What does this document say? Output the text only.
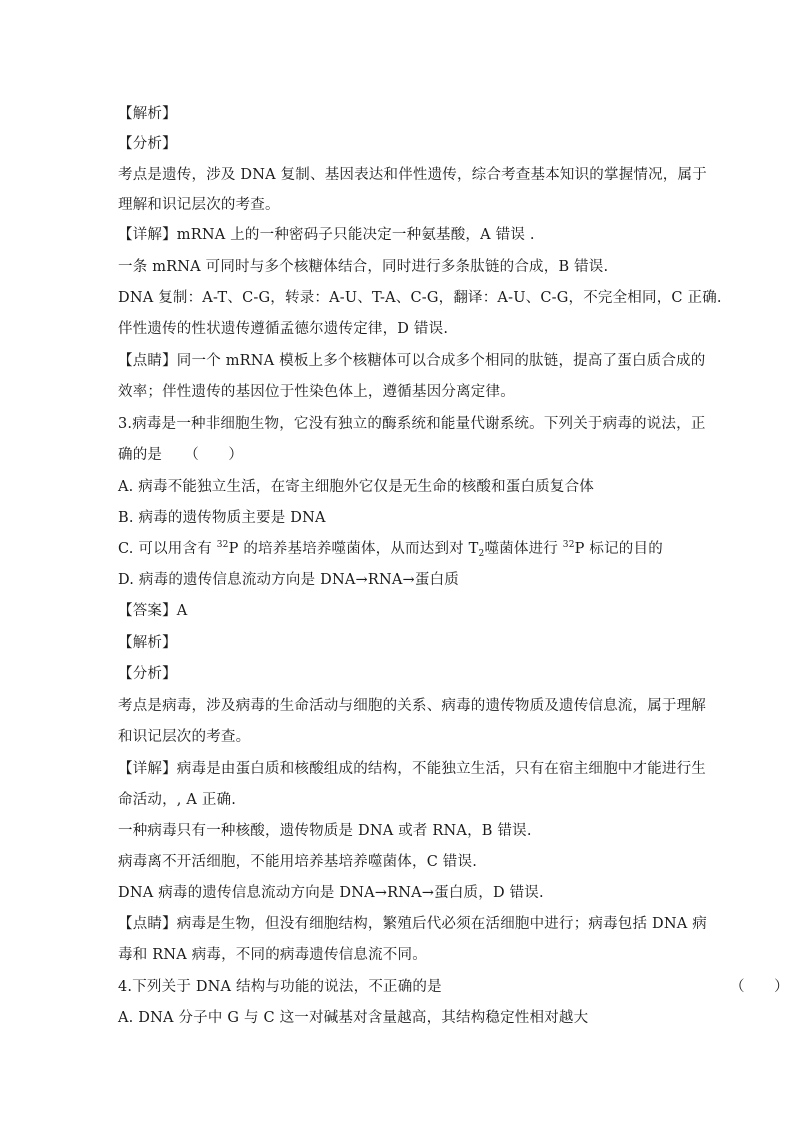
【解析】
【分析】
考点是遗传，涉及 DNA 复制、基因表达和伴性遗传，综合考查基本知识的掌握情况，属于
理解和识记层次的考查。
【详解】mRNA 上的一种密码子只能决定一种氨基酸，A 错误 .
一条 mRNA 可同时与多个核糖体结合，同时进行多条肽链的合成，B 错误.
DNA 复制：A-T、C-G，转录：A-U、T-A、C-G，翻译：A-U、C-G，不完全相同，C 正确.
伴性遗传的性状遗传遵循孟德尔遗传定律，D 错误.
【点睛】同一个 mRNA 模板上多个核糖体可以合成多个相同的肽链，提高了蛋白质合成的
效率；伴性遗传的基因位于性染色体上，遵循基因分离定律。
3.病毒是一种非细胞生物，它没有独立的酶系统和能量代谢系统。下列关于病毒的说法，正
确的是　　（　　）
A. 病毒不能独立生活，在寄主细胞外它仅是无生命的核酸和蛋白质复合体
B. 病毒的遗传物质主要是 DNA
C. 可以用含有 $^{32}$P 的培养基培养噬菌体，从而达到对 $T_2$噬菌体进行 $^{32}$P 标记的目的
D. 病毒的遗传信息流动方向是 DNA→RNA→蛋白质
【答案】A
【解析】
【分析】
考点是病毒，涉及病毒的生命活动与细胞的关系、病毒的遗传物质及遗传信息流，属于理解
和识记层次的考查。
【详解】病毒是由蛋白质和核酸组成的结构，不能独立生活，只有在宿主细胞中才能进行生
命活动，, A 正确.
一种病毒只有一种核酸，遗传物质是 DNA 或者 RNA，B 错误.
病毒离不开活细胞，不能用培养基培养噬菌体，C 错误.
DNA 病毒的遗传信息流动方向是 DNA→RNA→蛋白质，D 错误.
【点睛】病毒是生物，但没有细胞结构，繁殖后代必须在活细胞中进行；病毒包括 DNA 病
毒和 RNA 病毒，不同的病毒遗传信息流不同。
4.下列关于 DNA 结构与功能的说法，不正确的是	（　　）
A. DNA 分子中 G 与 C 这一对碱基对含量越高，其结构稳定性相对越大
